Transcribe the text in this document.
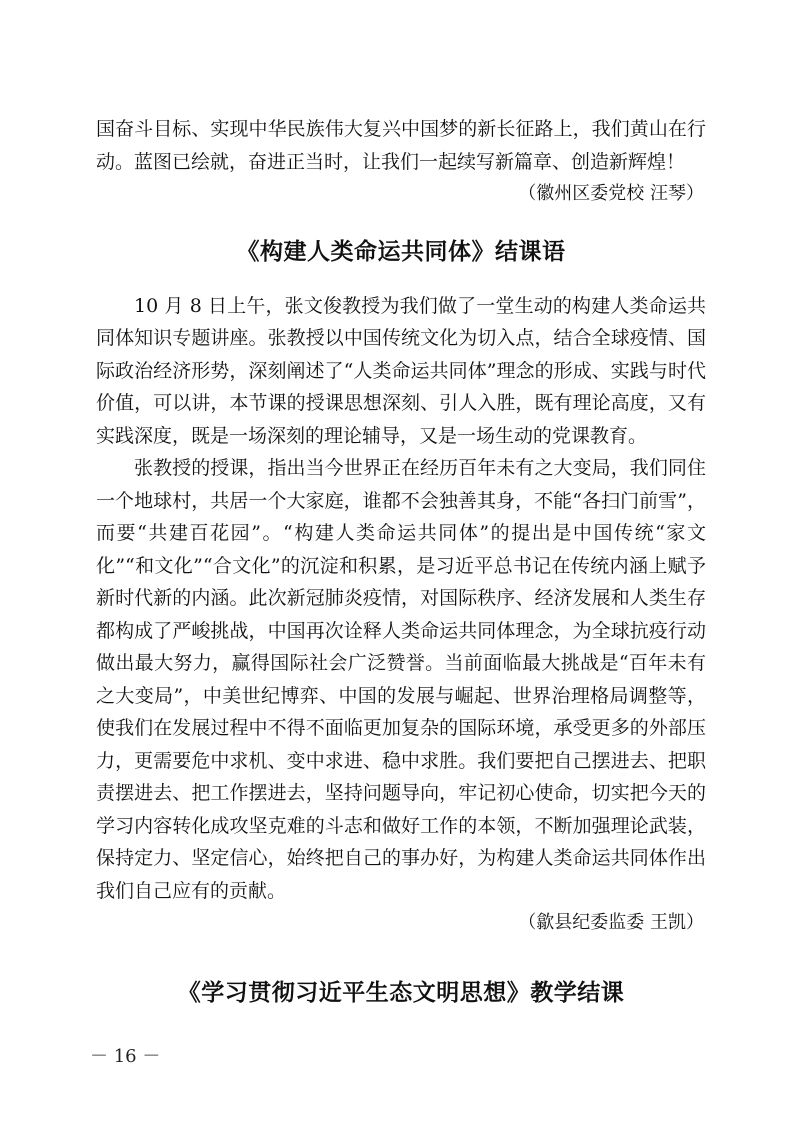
国奋斗目标、实现中华民族伟大复兴中国梦的新长征路上，我们黄山在行动。蓝图已绘就，奋进正当时，让我们一起续写新篇章、创造新辉煌！

（徽州区委党校 汪琴）

《构建人类命运共同体》结课语

10 月 8 日上午，张文俊教授为我们做了一堂生动的构建人类命运共同体知识专题讲座。张教授以中国传统文化为切入点，结合全球疫情、国际政治经济形势，深刻阐述了“人类命运共同体”理念的形成、实践与时代价值，可以讲，本节课的授课思想深刻、引人入胜，既有理论高度，又有实践深度，既是一场深刻的理论辅导，又是一场生动的党课教育。

张教授的授课，指出当今世界正在经历百年未有之大变局，我们同住一个地球村，共居一个大家庭，谁都不会独善其身，不能“各扫门前雪”，而要“共建百花园”。“构建人类命运共同体”的提出是中国传统“家文化”“和文化”“合文化”的沉淀和积累，是习近平总书记在传统内涵上赋予新时代新的内涵。此次新冠肺炎疫情，对国际秩序、经济发展和人类生存都构成了严峻挑战，中国再次诠释人类命运共同体理念，为全球抗疫行动做出最大努力，赢得国际社会广泛赞誉。当前面临最大挑战是“百年未有之大变局”，中美世纪博弈、中国的发展与崛起、世界治理格局调整等，使我们在发展过程中不得不面临更加复杂的国际环境，承受更多的外部压力，更需要危中求机、变中求进、稳中求胜。我们要把自己摆进去、把职责摆进去、把工作摆进去，坚持问题导向，牢记初心使命，切实把今天的学习内容转化成攻坚克难的斗志和做好工作的本领，不断加强理论武装，保持定力、坚定信心，始终把自己的事办好，为构建人类命运共同体作出我们自己应有的贡献。

（歙县纪委监委 王凯）

《学习贯彻习近平生态文明思想》教学结课
－ 16 －
